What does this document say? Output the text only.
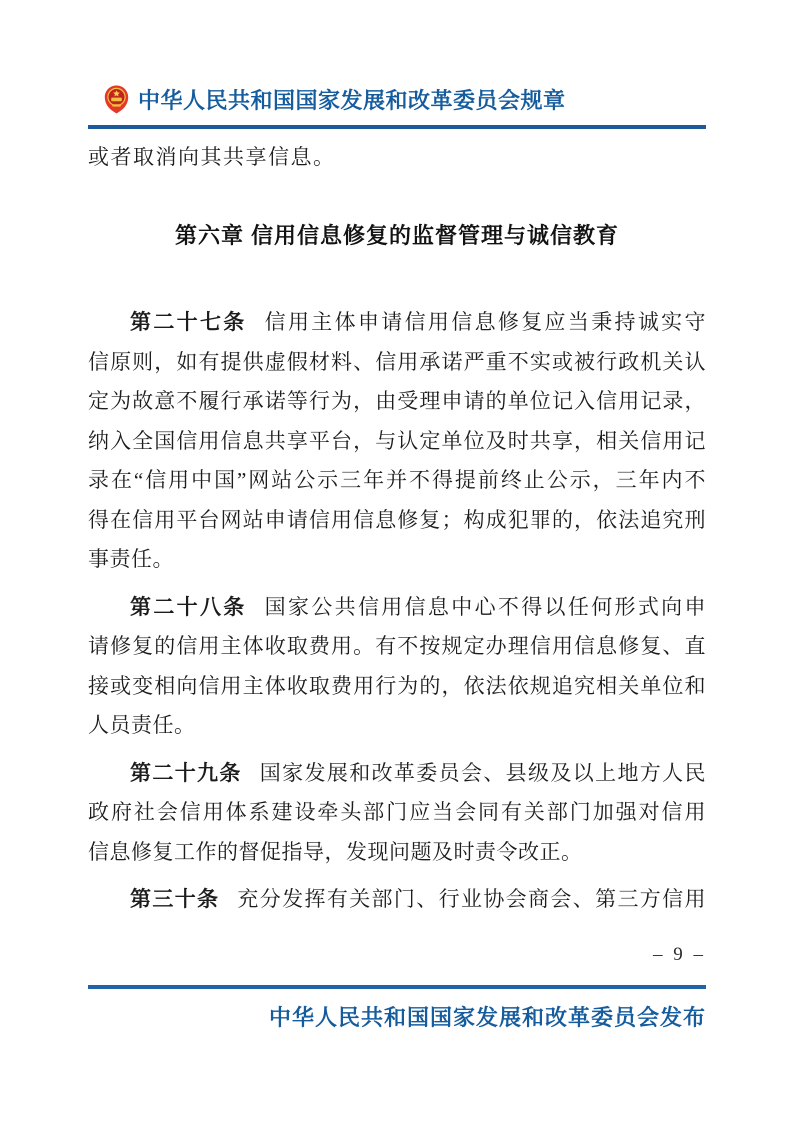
中华人民共和国国家发展和改革委员会规章
或者取消向其共享信息。
第六章 信用信息修复的监督管理与诚信教育
第二十七条 信用主体申请信用信息修复应当秉持诚实守
信原则，如有提供虚假材料、信用承诺严重不实或被行政机关认
定为故意不履行承诺等行为，由受理申请的单位记入信用记录，
纳入全国信用信息共享平台，与认定单位及时共享，相关信用记
录在“信用中国”网站公示三年并不得提前终止公示，三年内不
得在信用平台网站申请信用信息修复；构成犯罪的，依法追究刑
事责任。
第二十八条 国家公共信用信息中心不得以任何形式向申
请修复的信用主体收取费用。有不按规定办理信用信息修复、直
接或变相向信用主体收取费用行为的，依法依规追究相关单位和
人员责任。
第二十九条 国家发展和改革委员会、县级及以上地方人民
政府社会信用体系建设牵头部门应当会同有关部门加强对信用
信息修复工作的督促指导，发现问题及时责令改正。
第三十条 充分发挥有关部门、行业协会商会、第三方信用
– 9 –
中华人民共和国国家发展和改革委员会发布
